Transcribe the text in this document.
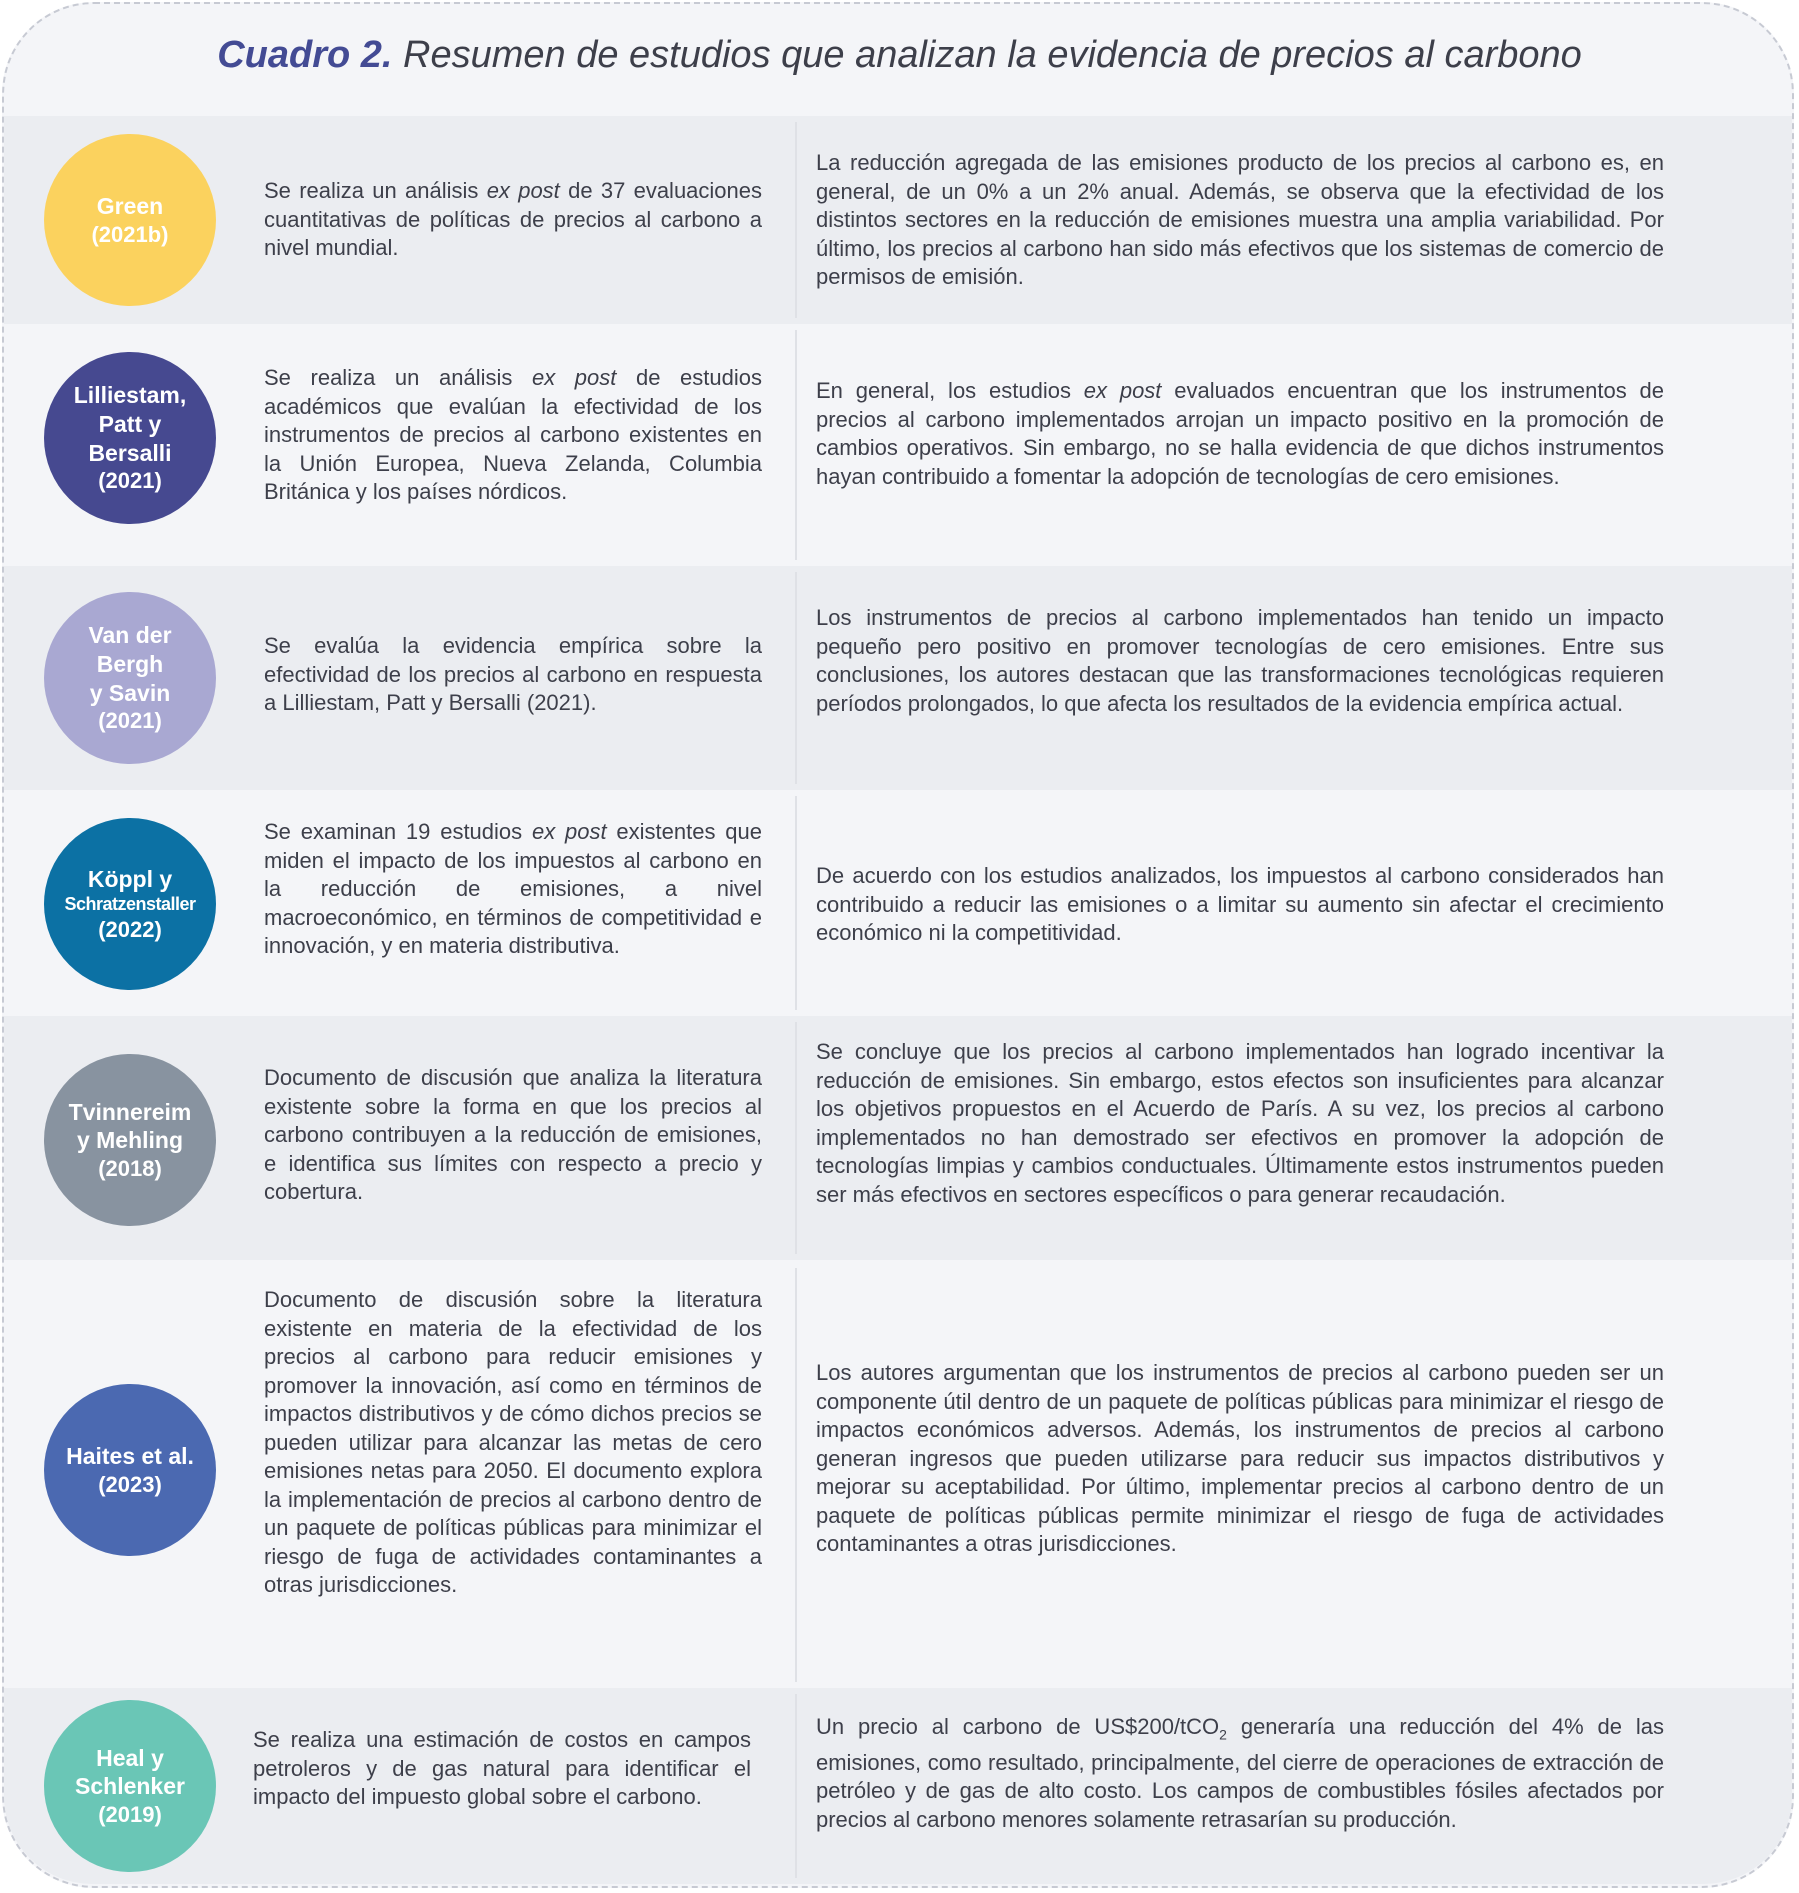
Cuadro 2. Resumen de estudios que analizan la evidencia de precios al carbono
Green
(2021b)
Se realiza un análisis ex post de 37 evaluaciones cuantitativas de políticas de precios al carbono a nivel mundial.
La reducción agregada de las emisiones producto de los precios al carbono es, en general, de un 0% a un 2% anual. Además, se observa que la efectividad de los distintos sectores en la reducción de emisiones muestra una amplia variabilidad. Por último, los precios al carbono han sido más efectivos que los sistemas de comercio de permisos de emisión.
Lilliestam,
Patt y
Bersalli
(2021)
Se realiza un análisis ex post de estudios académicos que evalúan la efectividad de los instrumentos de precios al carbono existentes en la Unión Europea, Nueva Zelanda, Columbia Británica y los países nórdicos.
En general, los estudios ex post evaluados encuentran que los instrumentos de precios al carbono implementados arrojan un impacto positivo en la promoción de cambios operativos. Sin embargo, no se halla evidencia de que dichos instrumentos hayan contribuido a fomentar la adopción de tecnologías de cero emisiones.
Van der
Bergh
y Savin
(2021)
Se evalúa la evidencia empírica sobre la efectividad de los precios al carbono en respuesta a Lilliestam, Patt y Bersalli (2021).
Los instrumentos de precios al carbono implementados han tenido un impacto pequeño pero positivo en promover tecnologías de cero emisiones. Entre sus conclusiones, los autores destacan que las transformaciones tecnológicas requieren períodos prolongados, lo que afecta los resultados de la evidencia empírica actual.
Köppl y
Schratzenstaller
(2022)
Se examinan 19 estudios ex post existentes que miden el impacto de los impuestos al carbono en la reducción de emisiones, a nivel macroeconómico, en términos de competitividad e innovación, y en materia distributiva.
De acuerdo con los estudios analizados, los impuestos al carbono considerados han contribuido a reducir las emisiones o a limitar su aumento sin afectar el crecimiento económico ni la competitividad.
Tvinnereim
y Mehling
(2018)
Documento de discusión que analiza la literatura existente sobre la forma en que los precios al carbono contribuyen a la reducción de emisiones, e identifica sus límites con respecto a precio y cobertura.
Se concluye que los precios al carbono implementados han logrado incentivar la reducción de emisiones. Sin embargo, estos efectos son insuficientes para alcanzar los objetivos propuestos en el Acuerdo de París. A su vez, los precios al carbono implementados no han demostrado ser efectivos en promover la adopción de tecnologías limpias y cambios conductuales. Últimamente estos instrumentos pueden ser más efectivos en sectores específicos o para generar recaudación.
Haites et al.
(2023)
Documento de discusión sobre la literatura existente en materia de la efectividad de los precios al carbono para reducir emisiones y promover la innovación, así como en términos de impactos distributivos y de cómo dichos precios se pueden utilizar para alcanzar las metas de cero emisiones netas para 2050. El documento explora la implementación de precios al carbono dentro de un paquete de políticas públicas para minimizar el riesgo de fuga de actividades contaminantes a otras jurisdicciones.
Los autores argumentan que los instrumentos de precios al carbono pueden ser un componente útil dentro de un paquete de políticas públicas para minimizar el riesgo de impactos económicos adversos. Además, los instrumentos de precios al carbono generan ingresos que pueden utilizarse para reducir sus impactos distributivos y mejorar su aceptabilidad. Por último, implementar precios al carbono dentro de un paquete de políticas públicas permite minimizar el riesgo de fuga de actividades contaminantes a otras jurisdicciones.
Heal y
Schlenker
(2019)
Se realiza una estimación de costos en campos petroleros y de gas natural para identificar el impacto del impuesto global sobre el carbono.
Un precio al carbono de US$200/tCO$_2$ generaría una reducción del 4% de las emisiones, como resultado, principalmente, del cierre de operaciones de extracción de petróleo y de gas de alto costo. Los campos de combustibles fósiles afectados por precios al carbono menores solamente retrasarían su producción.
